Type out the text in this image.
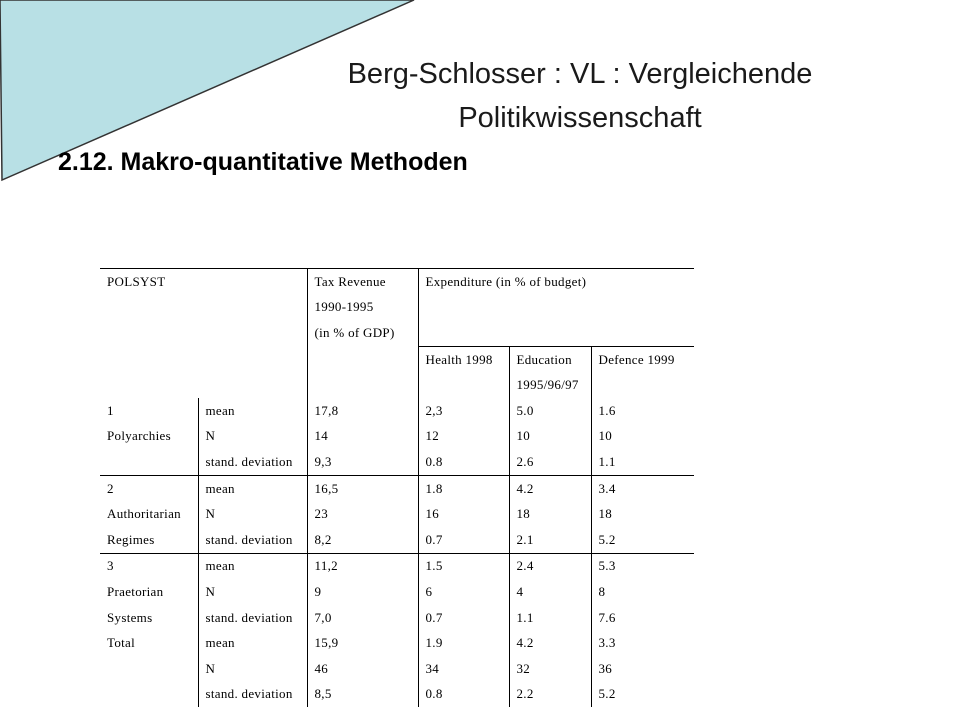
Berg-Schlosser : VL : Vergleichende
Politikwissenschaft
2.12. Makro-quantitative Methoden
POLSYST		Tax Revenue	Expenditure (in % of budget)		
		1990-1995			
		(in % of GDP)			
			Health 1998	Education	Defence 1999
				1995/96/97	
1	mean	17,8	2,3	5.0	1.6
Polyarchies	N	14	12	10	10
	stand. deviation	9,3	0.8	2.6	1.1
2	mean	16,5	1.8	4.2	3.4
Authoritarian	N	23	16	18	18
Regimes	stand. deviation	8,2	0.7	2.1	5.2
3	mean	11,2	1.5	2.4	5.3
Praetorian	N	9	6	4	8
Systems	stand. deviation	7,0	0.7	1.1	7.6
Total	mean	15,9	1.9	4.2	3.3
	N	46	34	32	36
	stand. deviation	8,5	0.8	2.2	5.2
